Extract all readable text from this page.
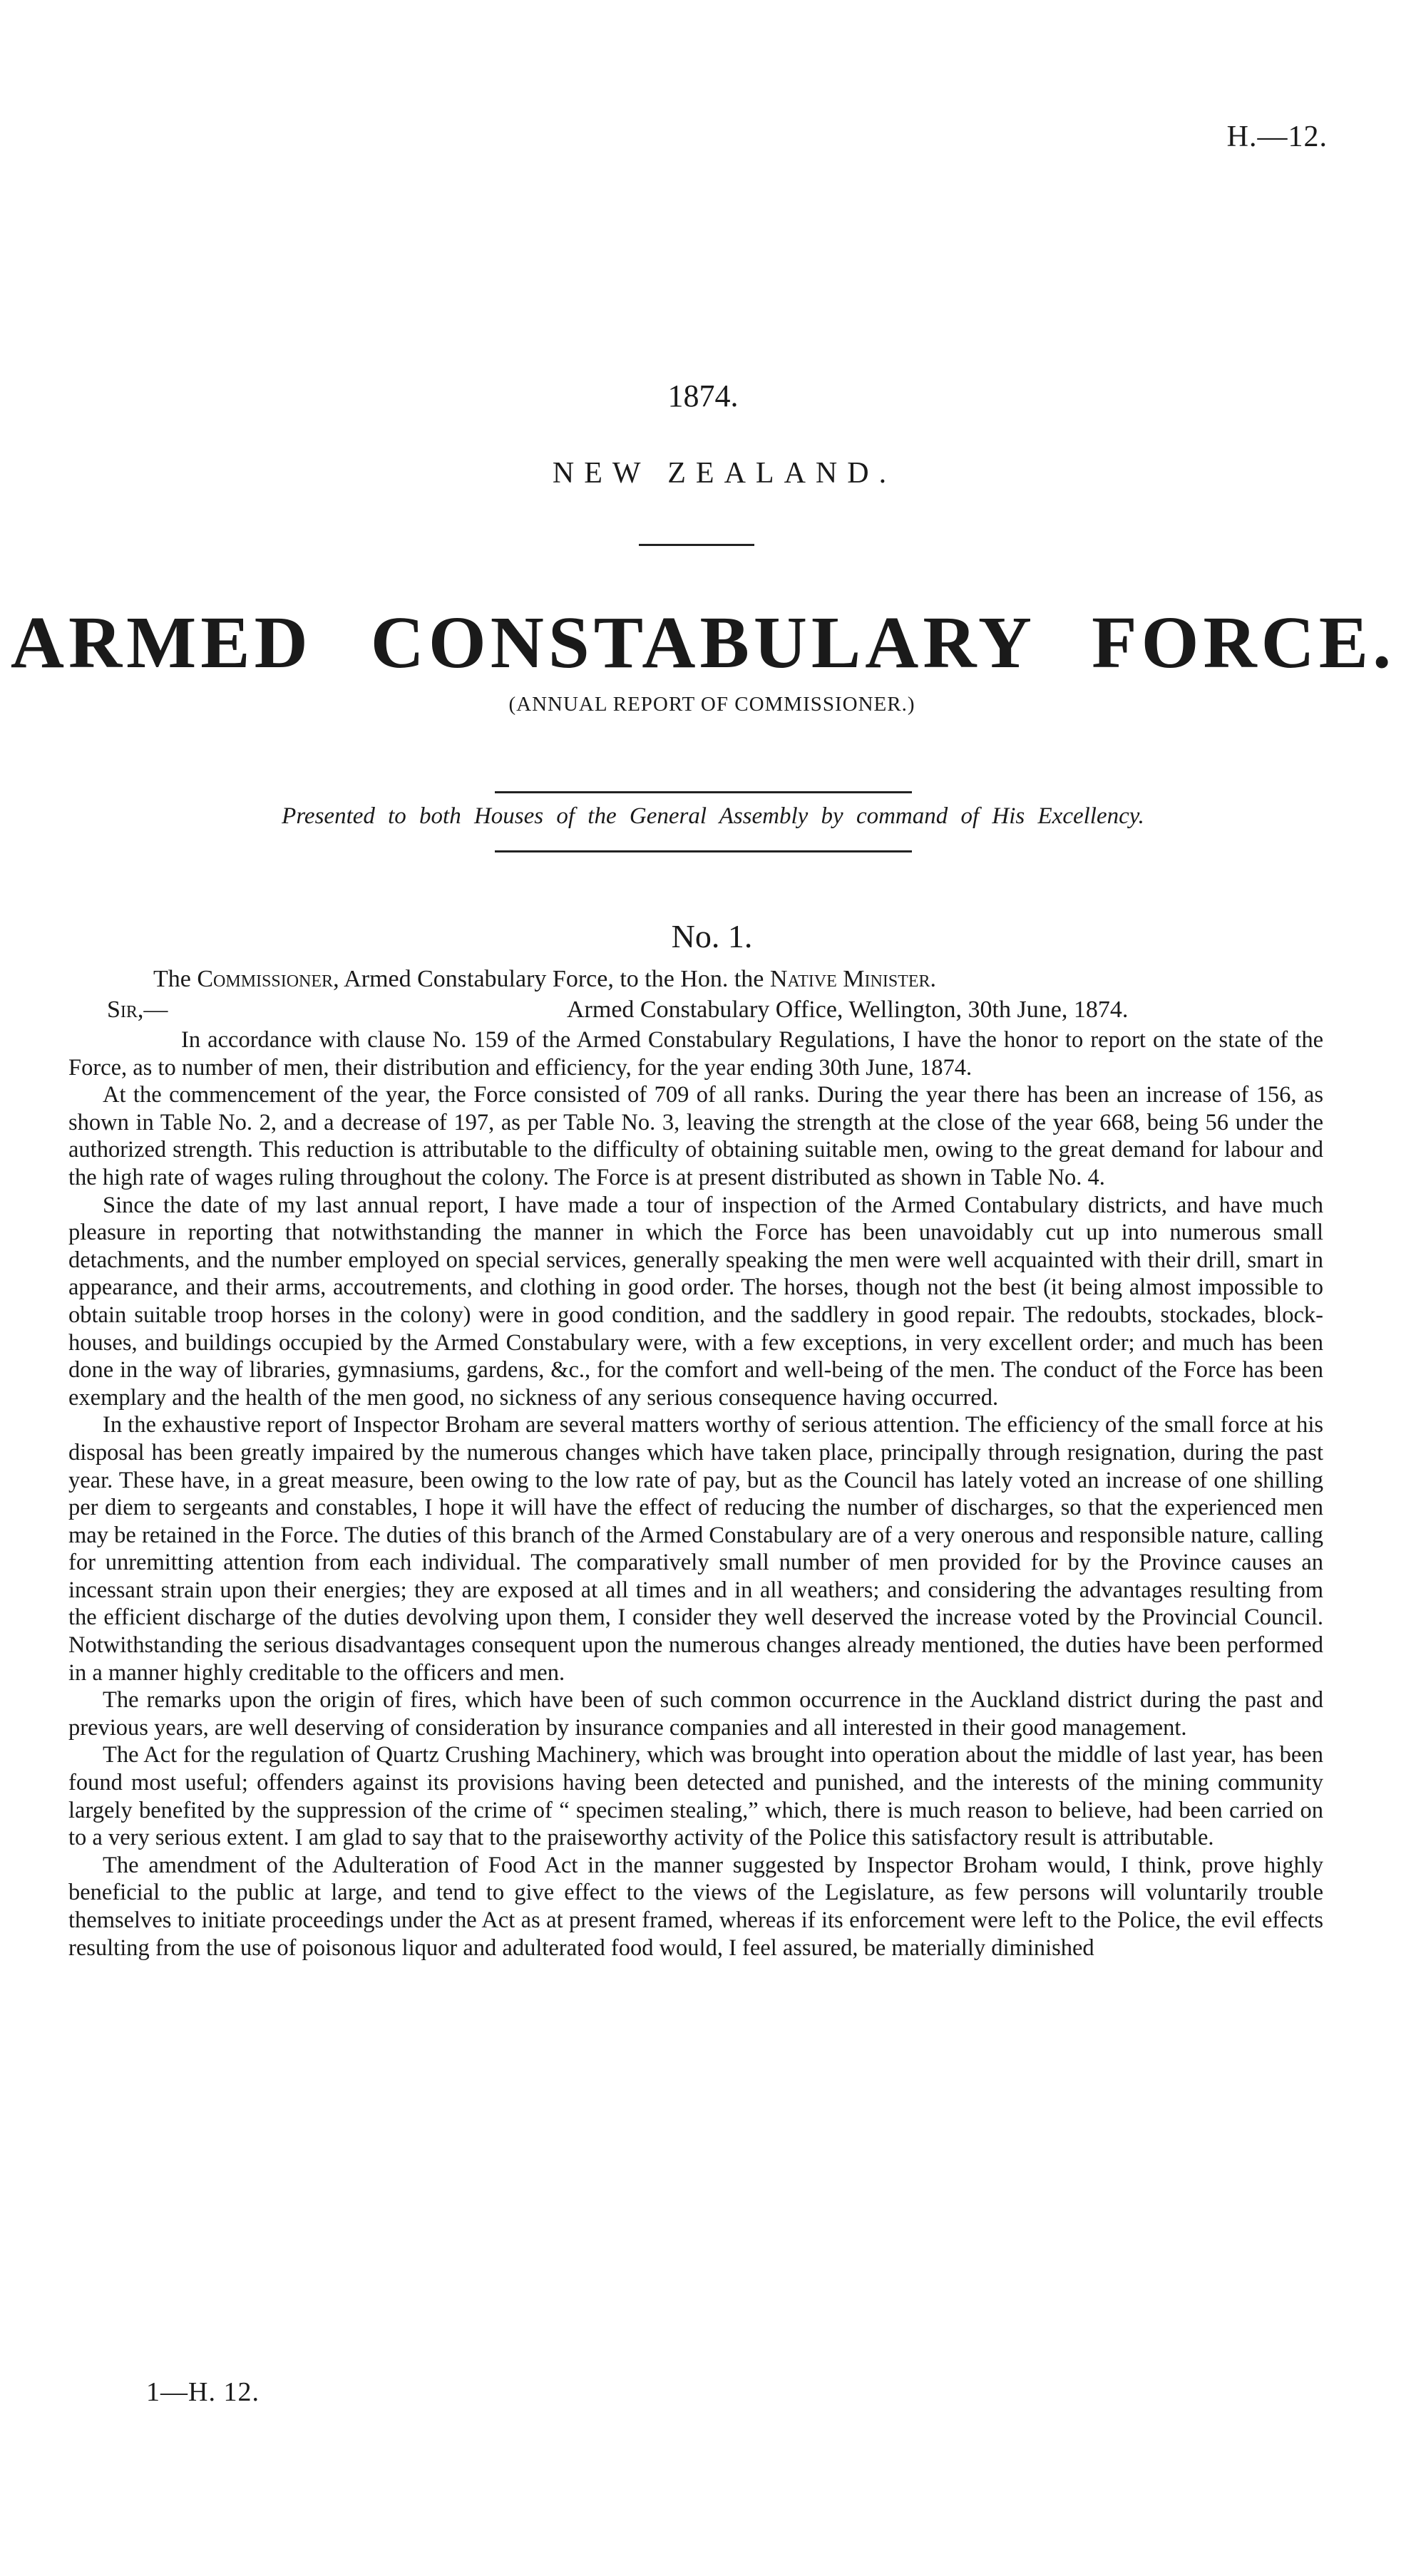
H.—12.
1874.
NEW ZEALAND.
ARMED CONSTABULARY FORCE.
(ANNUAL REPORT OF COMMISSIONER.)
Presented to both Houses of the General Assembly by command of His Excellency.
No. 1.
The Commissioner, Armed Constabulary Force, to the Hon. the Native Minister.
Sir,—	Armed Constabulary Office, Wellington, 30th June, 1874.

In accordance with clause No. 159 of the Armed Constabulary Regulations, I have the honor to report on the state of the Force, as to number of men, their distribution and efficiency, for the year ending 30th June, 1874.

At the commencement of the year, the Force consisted of 709 of all ranks. During the year there has been an increase of 156, as shown in Table No. 2, and a decrease of 197, as per Table No. 3, leaving the strength at the close of the year 668, being 56 under the authorized strength. This reduction is attributable to the difficulty of obtaining suitable men, owing to the great demand for labour and the high rate of wages ruling throughout the colony. The Force is at present distributed as shown in Table No. 4.

Since the date of my last annual report, I have made a tour of inspection of the Armed Contabulary districts, and have much pleasure in reporting that notwithstanding the manner in which the Force has been unavoidably cut up into numerous small detachments, and the number employed on special services, generally speaking the men were well acquainted with their drill, smart in appearance, and their arms, accoutrements, and clothing in good order. The horses, though not the best (it being almost impossible to obtain suitable troop horses in the colony) were in good condition, and the saddlery in good repair. The redoubts, stockades, block-houses, and buildings occupied by the Armed Constabulary were, with a few exceptions, in very excellent order; and much has been done in the way of libraries, gymnasiums, gardens, &c., for the comfort and well-being of the men. The conduct of the Force has been exemplary and the health of the men good, no sickness of any serious consequence having occurred.

In the exhaustive report of Inspector Broham are several matters worthy of serious attention. The efficiency of the small force at his disposal has been greatly impaired by the numerous changes which have taken place, principally through resignation, during the past year. These have, in a great measure, been owing to the low rate of pay, but as the Council has lately voted an increase of one shilling per diem to sergeants and constables, I hope it will have the effect of reducing the number of discharges, so that the experienced men may be retained in the Force. The duties of this branch of the Armed Constabulary are of a very onerous and responsible nature, calling for unremitting attention from each individual. The comparatively small number of men provided for by the Province causes an incessant strain upon their energies; they are exposed at all times and in all weathers; and considering the advantages resulting from the efficient discharge of the duties devolving upon them, I consider they well deserved the increase voted by the Provincial Council. Notwithstanding the serious disadvantages consequent upon the numerous changes already mentioned, the duties have been performed in a manner highly creditable to the officers and men.

The remarks upon the origin of fires, which have been of such common occurrence in the Auckland district during the past and previous years, are well deserving of consideration by insurance companies and all interested in their good management.

The Act for the regulation of Quartz Crushing Machinery, which was brought into operation about the middle of last year, has been found most useful; offenders against its provisions having been detected and punished, and the interests of the mining community largely benefited by the suppression of the crime of “ specimen stealing,” which, there is much reason to believe, had been carried on to a very serious extent. I am glad to say that to the praiseworthy activity of the Police this satisfactory result is attributable.

The amendment of the Adulteration of Food Act in the manner suggested by Inspector Broham would, I think, prove highly beneficial to the public at large, and tend to give effect to the views of the Legislature, as few persons will voluntarily trouble themselves to initiate proceedings under the Act as at present framed, whereas if its enforcement were left to the Police, the evil effects resulting from the use of poisonous liquor and adulterated food would, I feel assured, be materially diminished

1—H. 12.
